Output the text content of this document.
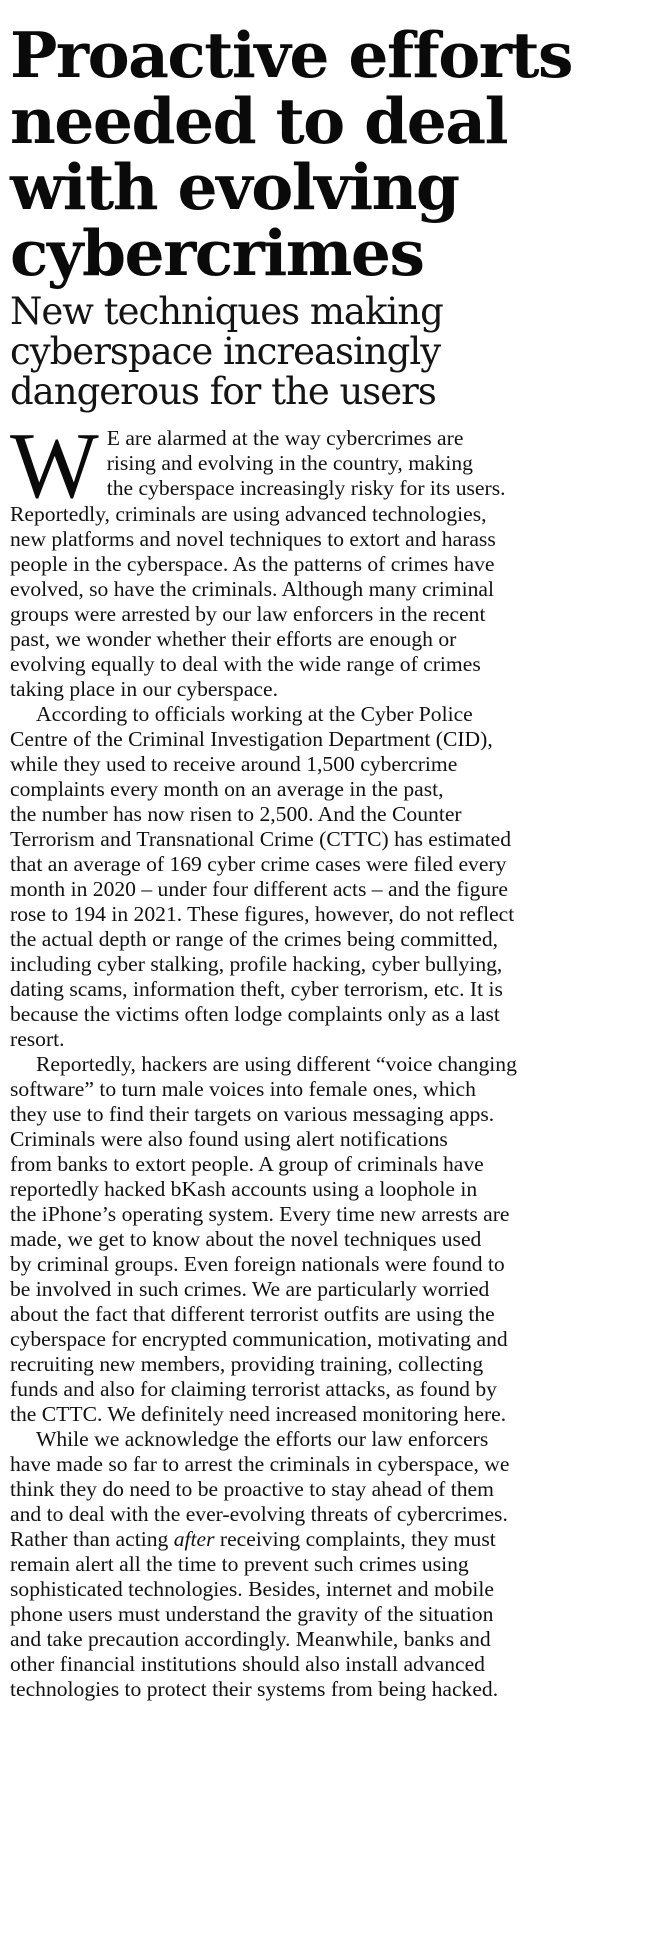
Proactive efforts
needed to deal
with evolving
cybercrimes
New techniques making
cyberspace increasingly
dangerous for the users
W E are alarmed at the way cybercrimes are
rising and evolving in the country, making
the cyberspace increasingly risky for its users.
Reportedly, criminals are using advanced technologies,
new platforms and novel techniques to extort and harass
people in the cyberspace. As the patterns of crimes have
evolved, so have the criminals. Although many criminal
groups were arrested by our law enforcers in the recent
past, we wonder whether their efforts are enough or
evolving equally to deal with the wide range of crimes
taking place in our cyberspace.
According to officials working at the Cyber Police
Centre of the Criminal Investigation Department (CID),
while they used to receive around 1,500 cybercrime
complaints every month on an average in the past,
the number has now risen to 2,500. And the Counter
Terrorism and Transnational Crime (CTTC) has estimated
that an average of 169 cyber crime cases were filed every
month in 2020 – under four different acts – and the figure
rose to 194 in 2021. These figures, however, do not reflect
the actual depth or range of the crimes being committed,
including cyber stalking, profile hacking, cyber bullying,
dating scams, information theft, cyber terrorism, etc. It is
because the victims often lodge complaints only as a last
resort.
Reportedly, hackers are using different “voice changing
software” to turn male voices into female ones, which
they use to find their targets on various messaging apps.
Criminals were also found using alert notifications
from banks to extort people. A group of criminals have
reportedly hacked bKash accounts using a loophole in
the iPhone’s operating system. Every time new arrests are
made, we get to know about the novel techniques used
by criminal groups. Even foreign nationals were found to
be involved in such crimes. We are particularly worried
about the fact that different terrorist outfits are using the
cyberspace for encrypted communication, motivating and
recruiting new members, providing training, collecting
funds and also for claiming terrorist attacks, as found by
the CTTC. We definitely need increased monitoring here.
While we acknowledge the efforts our law enforcers
have made so far to arrest the criminals in cyberspace, we
think they do need to be proactive to stay ahead of them
and to deal with the ever-evolving threats of cybercrimes.
Rather than acting after receiving complaints, they must
remain alert all the time to prevent such crimes using
sophisticated technologies. Besides, internet and mobile
phone users must understand the gravity of the situation
and take precaution accordingly. Meanwhile, banks and
other financial institutions should also install advanced
technologies to protect their systems from being hacked.
